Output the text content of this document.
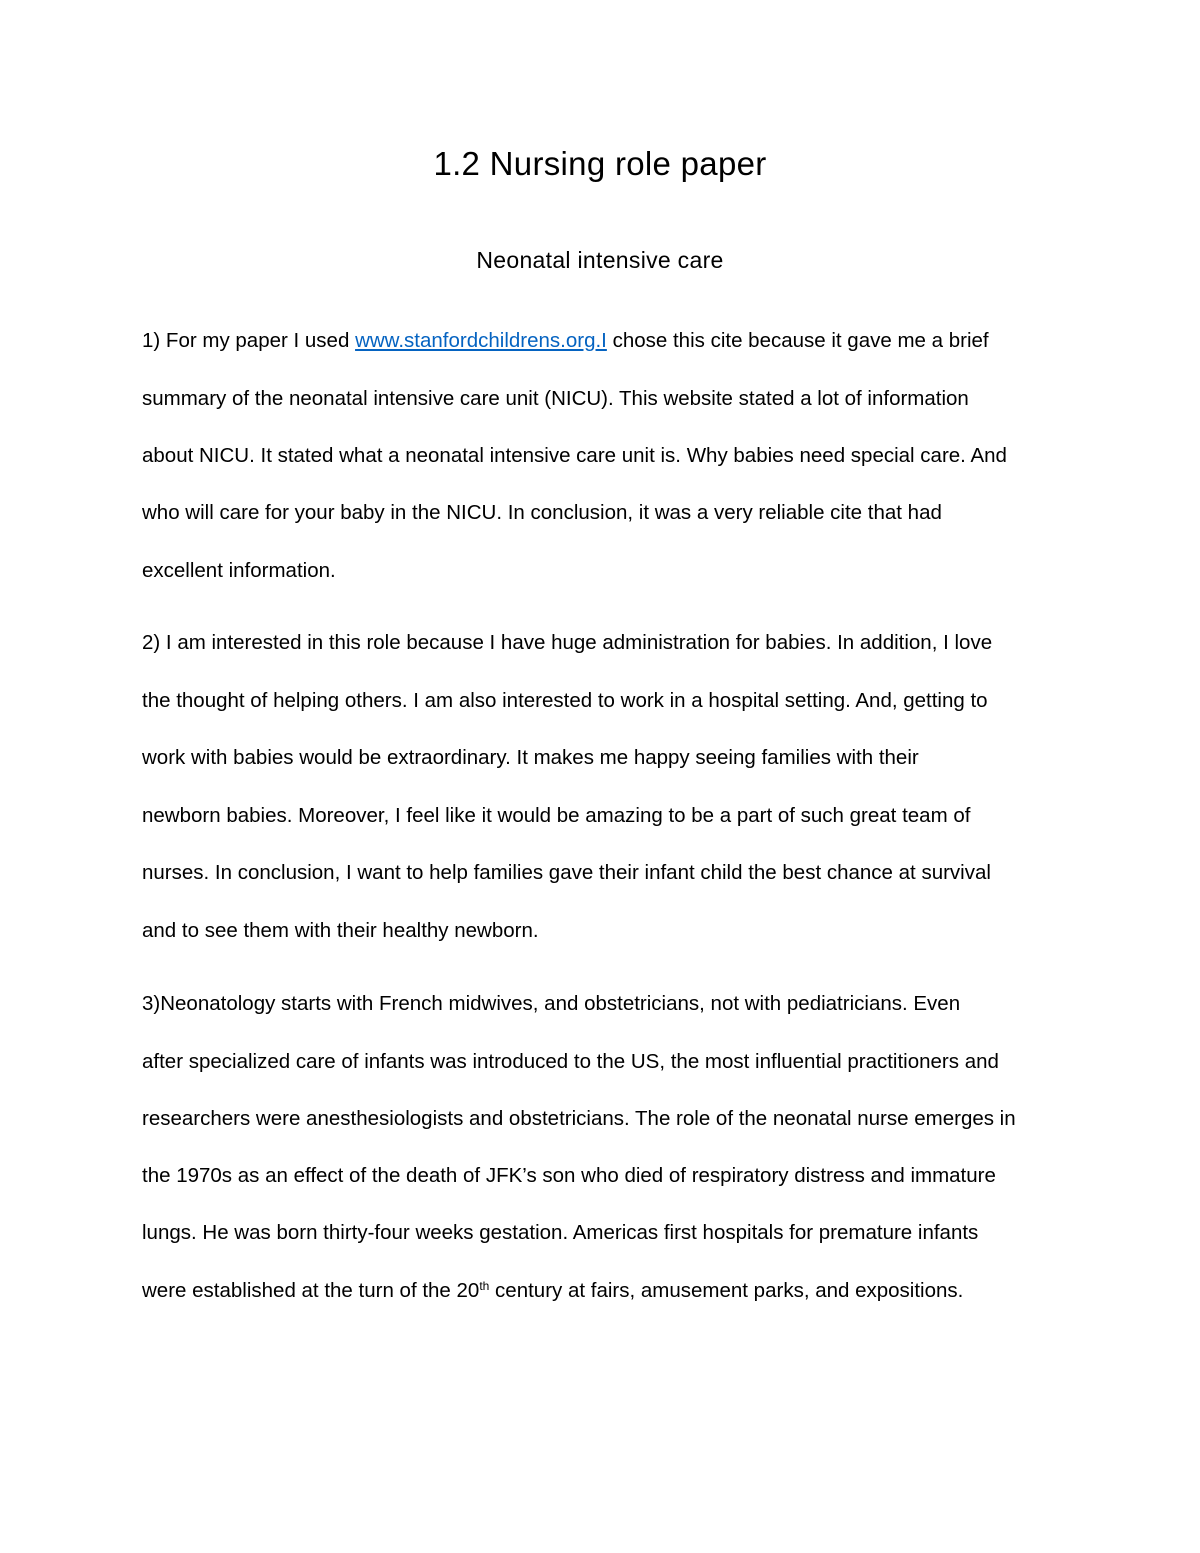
1.2 Nursing role paper
Neonatal intensive care
1) For my paper I used www.stanfordchildrens.org.I chose this cite because it gave me a brief
summary of the neonatal intensive care unit (NICU). This website stated a lot of information
about NICU. It stated what a neonatal intensive care unit is. Why babies need special care. And
who will care for your baby in the NICU. In conclusion, it was a very reliable cite that had
excellent information.
2) I am interested in this role because I have huge administration for babies. In addition, I love
the thought of helping others. I am also interested to work in a hospital setting. And, getting to
work with babies would be extraordinary. It makes me happy seeing families with their
newborn babies. Moreover, I feel like it would be amazing to be a part of such great team of
nurses. In conclusion, I want to help families gave their infant child the best chance at survival
and to see them with their healthy newborn.
3)Neonatology starts with French midwives, and obstetricians, not with pediatricians. Even
after specialized care of infants was introduced to the US, the most influential practitioners and
researchers were anesthesiologists and obstetricians. The role of the neonatal nurse emerges in
the 1970s as an effect of the death of JFK’s son who died of respiratory distress and immature
lungs. He was born thirty-four weeks gestation. Americas first hospitals for premature infants
were established at the turn of the 20th century at fairs, amusement parks, and expositions.
